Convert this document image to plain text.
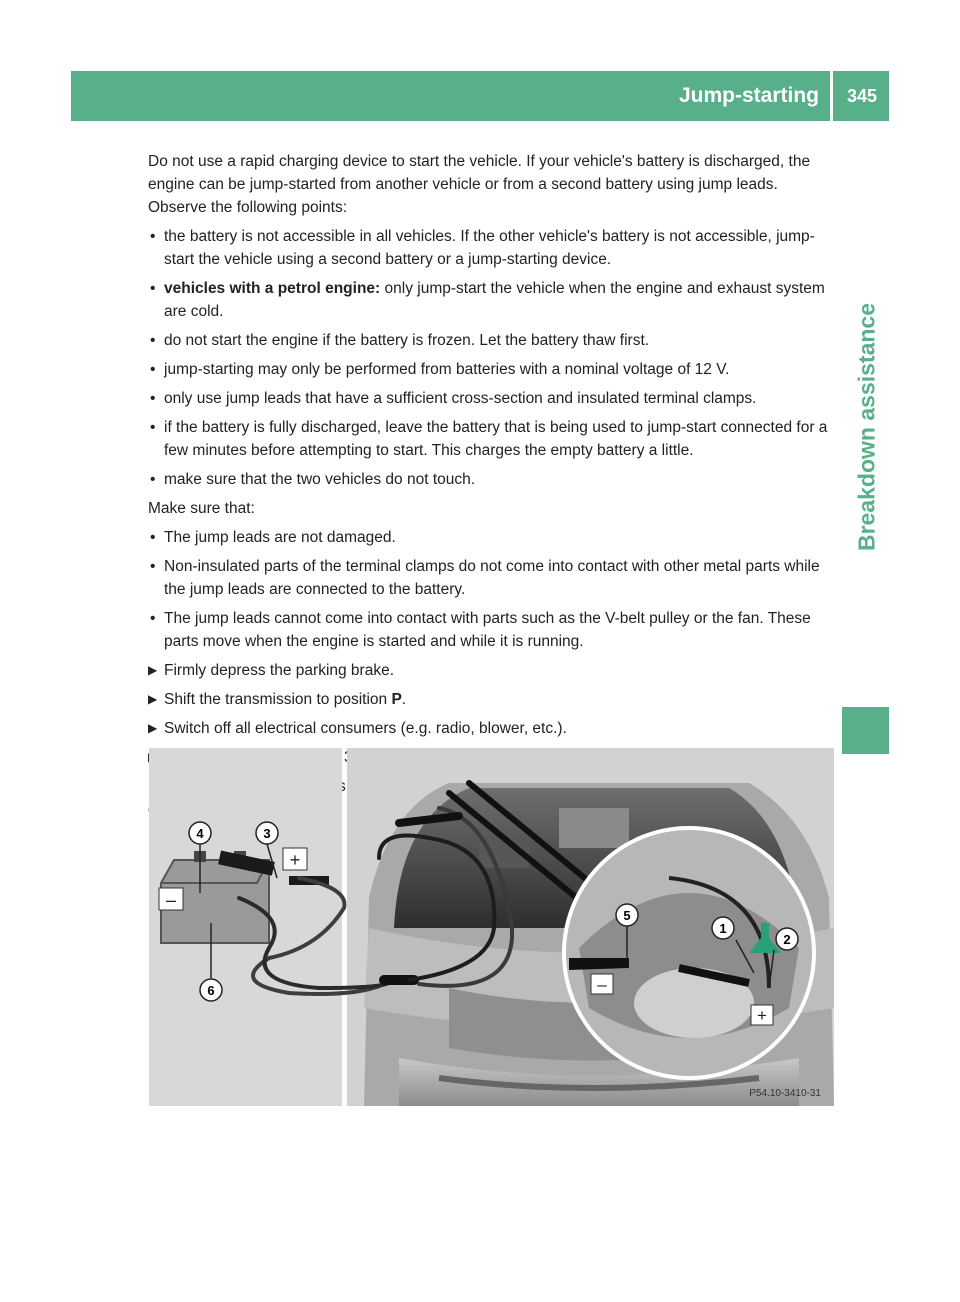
Jump-starting 345
Breakdown assistance

Do not use a rapid charging device to start the vehicle. If your vehicle's battery is discharged, the engine can be jump-started from another vehicle or from a second battery using jump leads. Observe the following points:

• the battery is not accessible in all vehicles. If the other vehicle's battery is not accessible, jump-start the vehicle using a second battery or a jump-starting device.
• vehicles with a petrol engine: only jump-start the vehicle when the engine and exhaust system are cold.
• do not start the engine if the battery is frozen. Let the battery thaw first.
• jump-starting may only be performed from batteries with a nominal voltage of 12 V.
• only use jump leads that have a sufficient cross-section and insulated terminal clamps.
• if the battery is fully discharged, leave the battery that is being used to jump-start connected for a few minutes before attempting to start. This charges the empty battery a little.
• make sure that the two vehicles do not touch.

Make sure that:

• The jump leads are not damaged.
• Non-insulated parts of the terminal clamps do not come into contact with other metal parts while the jump leads are connected to the battery.
• The jump leads cannot come into contact with parts such as the V-belt pulley or the fan. These parts move when the engine is started and while it is running.
▶ Firmly depress the parking brake.
▶ Shift the transmission to position P.
▶ Switch off all electrical consumers (e.g. radio, blower, etc.).

–
+
–
+
4	3
6
5
1
2
P54.10-3410-31
